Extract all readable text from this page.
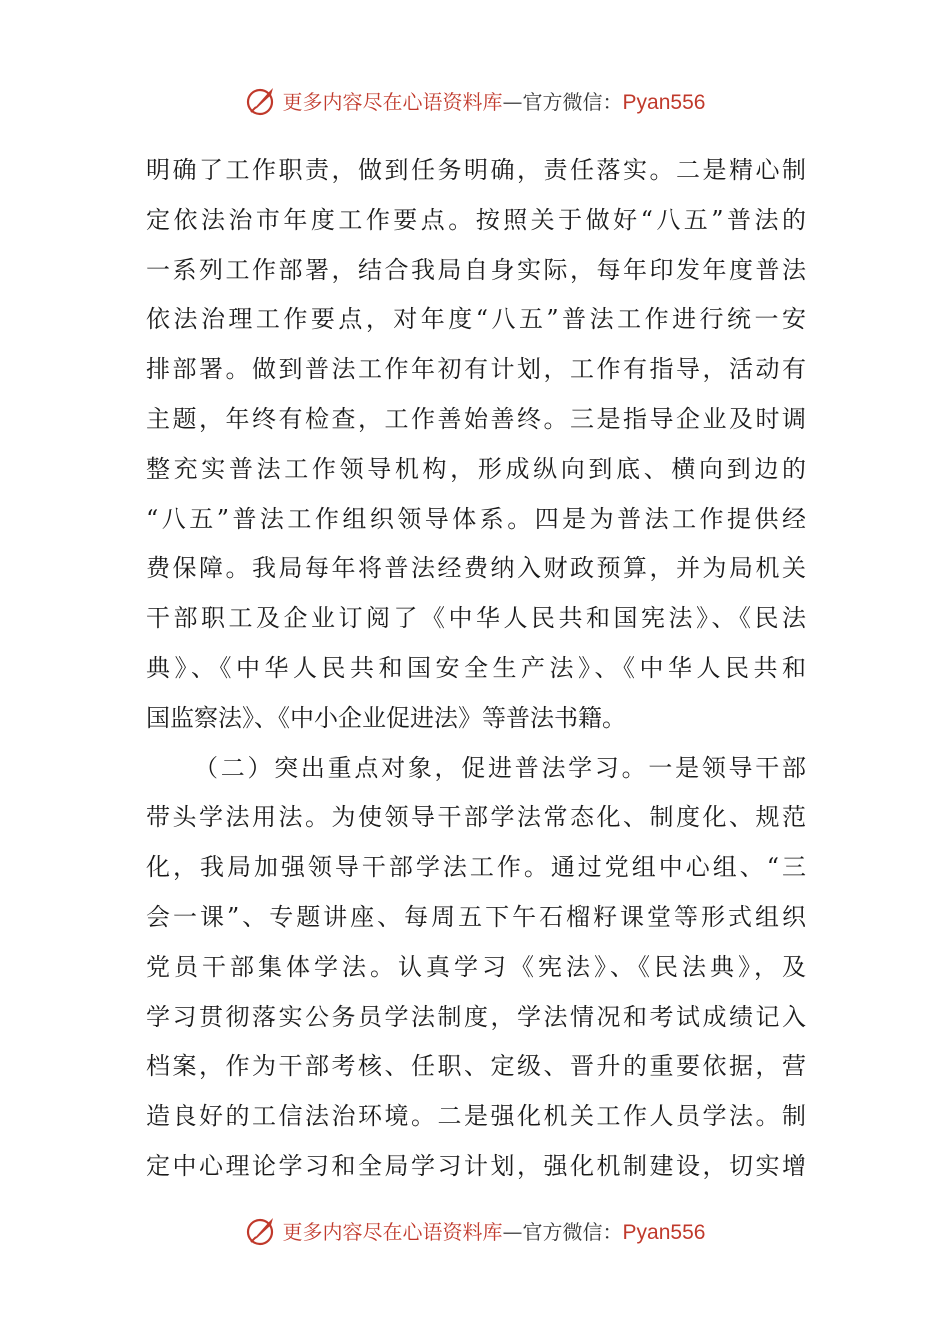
更多内容尽在心语资料库 — 官方微信： Pyan556
明确了工作职责，做到任务明确，责任落实。二是精心制
定依法治市年度工作要点。按照关于做好“八五”普法的
一系列工作部署，结合我局自身实际，每年印发年度普法
依法治理工作要点，对年度“八五”普法工作进行统一安
排部署。做到普法工作年初有计划，工作有指导，活动有
主题，年终有检查，工作善始善终。三是指导企业及时调
整充实普法工作领导机构，形成纵向到底、横向到边的
“八五”普法工作组织领导体系。四是为普法工作提供经
费保障。我局每年将普法经费纳入财政预算，并为局机关
干部职工及企业订阅了《中华人民共和国宪法》、《民法
典》、《中华人民共和国安全生产法》、《中华人民共和
国监察法》、《中小企业促进法》等普法书籍。
（二）突出重点对象，促进普法学习。一是领导干部
带头学法用法。为使领导干部学法常态化、制度化、规范
化，我局加强领导干部学法工作。通过党组中心组、“三
会一课”、专题讲座、每周五下午石榴籽课堂等形式组织
党员干部集体学法。认真学习《宪法》、《民法典》，及
学习贯彻落实公务员学法制度，学法情况和考试成绩记入
档案，作为干部考核、任职、定级、晋升的重要依据，营
造良好的工信法治环境。二是强化机关工作人员学法。制
定中心理论学习和全局学习计划，强化机制建设，切实增
更多内容尽在心语资料库 — 官方微信： Pyan556
